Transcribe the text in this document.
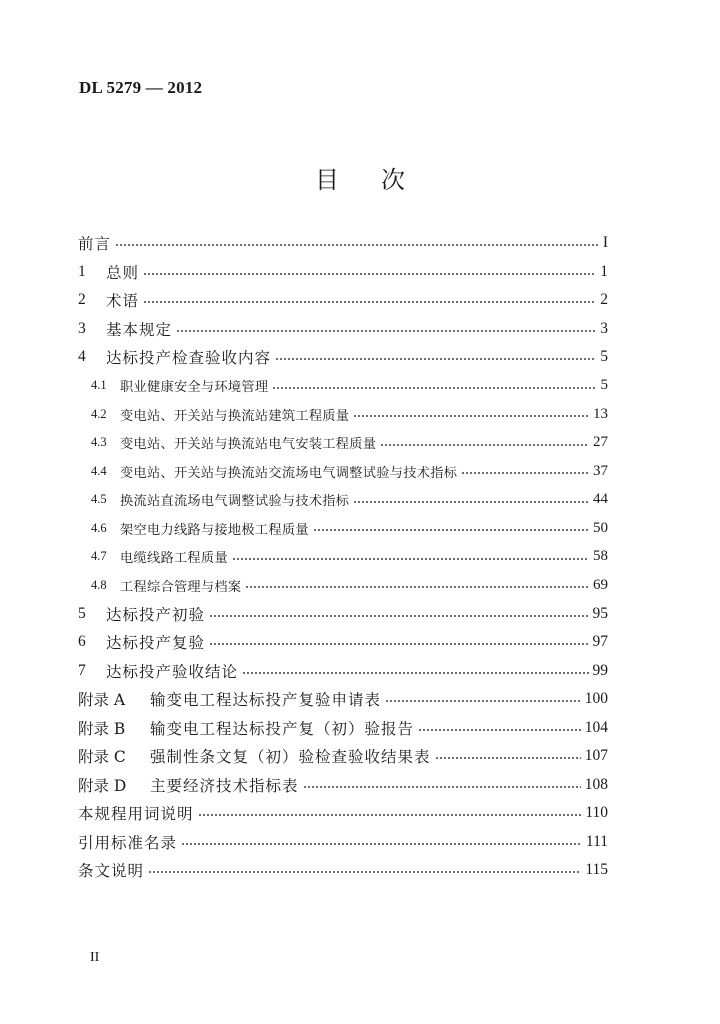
DL 5279 — 2012
目次
前言	I
1	总则	1
2	术语	2
3	基本规定	3
4	达标投产检查验收内容	5
4.1	职业健康安全与环境管理	5
4.2	变电站、开关站与换流站建筑工程质量	13
4.3	变电站、开关站与换流站电气安装工程质量	27
4.4	变电站、开关站与换流站交流场电气调整试验与技术指标	37
4.5	换流站直流场电气调整试验与技术指标	44
4.6	架空电力线路与接地极工程质量	50
4.7	电缆线路工程质量	58
4.8	工程综合管理与档案	69
5	达标投产初验	95
6	达标投产复验	97
7	达标投产验收结论	99
附录 A	输变电工程达标投产复验申请表	100
附录 B	输变电工程达标投产复（初）验报告	104
附录 C	强制性条文复（初）验检查验收结果表	107
附录 D	主要经济技术指标表	108
本规程用词说明	110
引用标准名录	111
条文说明	115
II
